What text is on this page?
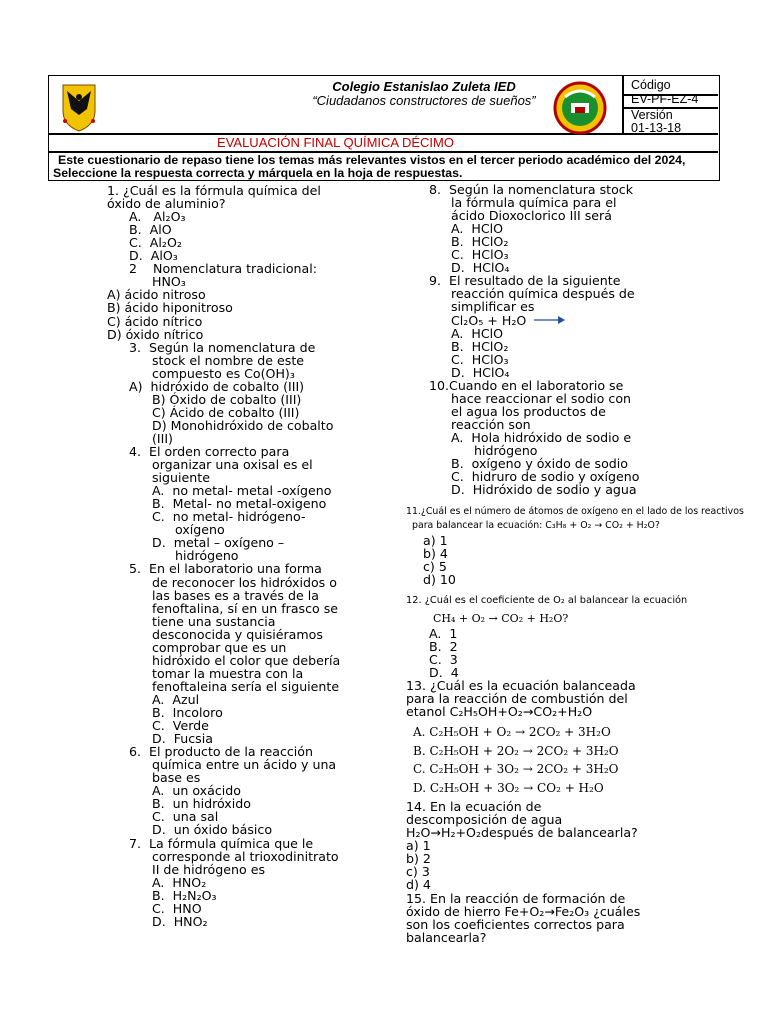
Colegio Estanislao Zuleta IED
“Ciudadanos constructores de sueños”
Código
EV-PF-EZ-4
Versión
01-13-18
EVALUACIÓN FINAL QUÍMICA DÉCIMO
Este cuestionario de repaso tiene los temas más relevantes vistos en el tercer periodo académico del 2024, Seleccione la respuesta correcta y márquela en la hoja de respuestas.
1. ¿Cuál es la fórmula química del
óxido de aluminio?
A.   Al₂O₃
B.  AlO
C.  Al₂O₂
D.  AlO₃
2    Nomenclatura tradicional:
HNO₃
A) ácido nitroso
B) ácido hiponitroso
C) ácido nítrico
D) óxido nítrico
3.  Según la nomenclatura de
stock el nombre de este
compuesto es Co(OH)₃
A)  hidróxido de cobalto (III)
B) Óxido de cobalto (III)
C) Ácido de cobalto (III)
D) Monohidróxido de cobalto
(III)
4.  El orden correcto para
organizar una oxisal es el
siguiente
A.  no metal- metal -oxígeno
B.  Metal- no metal-oxigeno
C.  no metal- hidrógeno-
oxígeno
D.  metal – oxígeno –
hidrógeno
5.  En el laboratorio una forma
de reconocer los hidróxidos o
las bases es a través de la
fenoftalina, sí en un frasco se
tiene una sustancia
desconocida y quisiéramos
comprobar que es un
hidróxido el color que debería
tomar la muestra con la
fenoftaleina sería el siguiente
A.  Azul
B.  Incoloro
C.  Verde
D.  Fucsia
6.  El producto de la reacción
química entre un ácido y una
base es
A.  un oxácido
B.  un hidróxido
C.  una sal
D.  un óxido básico
7.  La fórmula química que le
corresponde al trioxodinitrato
II de hidrógeno es
A.  HNO₂
B.  H₂N₂O₃
C.  HNO
D.  HNO₂
8.  Según la nomenclatura stock
la fórmula química para el
ácido Dioxoclorico III será
A.  HClO
B.  HClO₂
C.  HClO₃
D.  HClO₄
9.  El resultado de la siguiente
reacción química después de
simplificar es
Cl₂O₅ + H₂O
A.  HClO
B.  HClO₂
C.  HClO₃
D.  HClO₄
10.Cuando en el laboratorio se
hace reaccionar el sodio con
el agua los productos de
reacción son
A.  Hola hidróxido de sodio e
hidrógeno
B.  oxígeno y óxido de sodio
C.  hidruro de sodio y oxígeno
D.  Hidróxido de sodio y agua
11.¿Cuál es el número de átomos de oxígeno en el lado de los reactivos
para balancear la ecuación: C₃H₈ + O₂ → CO₂ + H₂O?
a) 1
b) 4
c) 5
d) 10
12. ¿Cuál es el coeficiente de O₂ al balancear la ecuación
CH₄ + O₂ → CO₂ + H₂O?
A.  1
B.  2
C.  3
D.  4
13. ¿Cuál es la ecuación balanceada
para la reacción de combustión del
etanol C₂H₅OH+O₂→CO₂+H₂O
A. C₂H₅OH + O₂ → 2CO₂ + 3H₂O
B. C₂H₅OH + 2O₂ → 2CO₂ + 3H₂O
C. C₂H₅OH + 3O₂ → 2CO₂ + 3H₂O
D. C₂H₅OH + 3O₂ → CO₂ + H₂O
14. En la ecuación de
descomposición de agua
H₂O→H₂+O₂después de balancearla?
a) 1
b) 2
c) 3
d) 4
15. En la reacción de formación de
óxido de hierro Fe+O₂→Fe₂O₃ ¿cuáles
son los coeficientes correctos para
balancearla?
